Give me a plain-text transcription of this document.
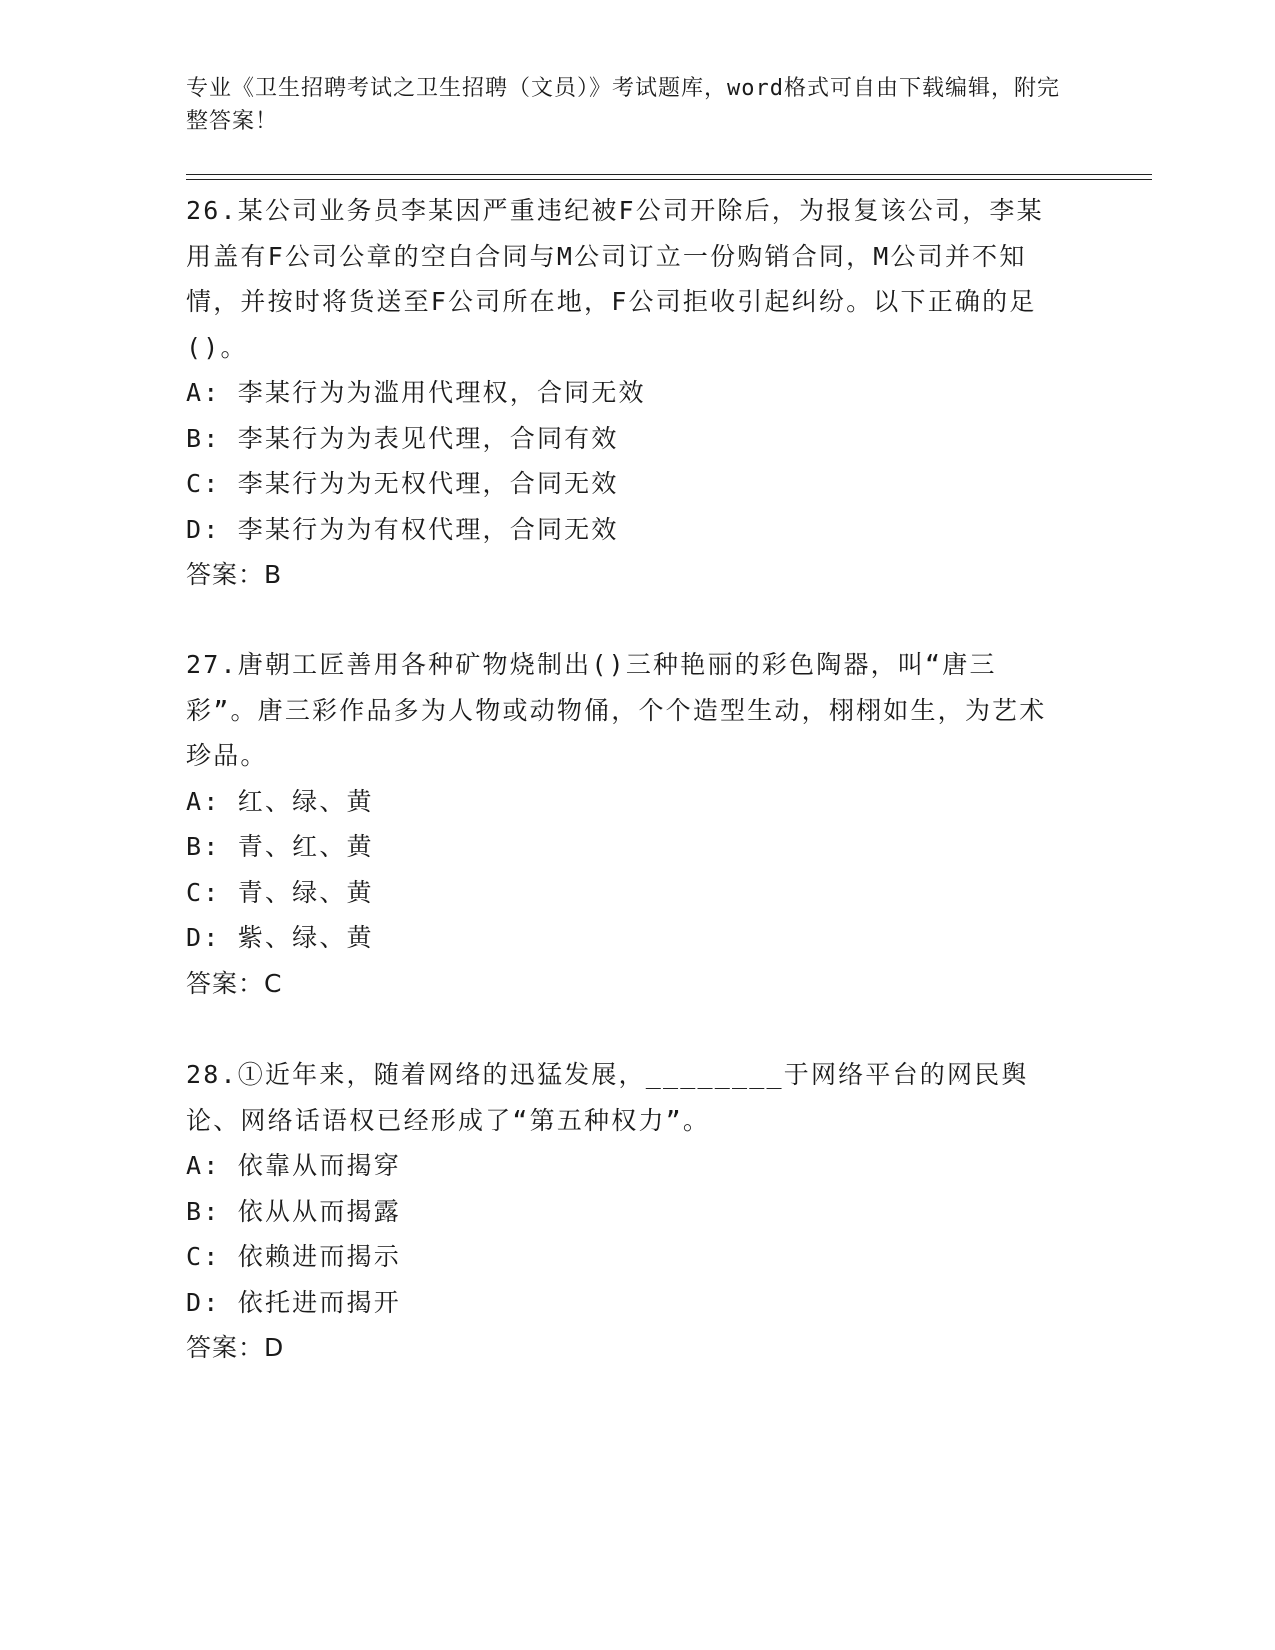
专业《卫生招聘考试之卫生招聘（文员）》考试题库，word格式可自由下载编辑，附完整答案！
26.某公司业务员李某因严重违纪被F公司开除后，为报复该公司，李某用盖有F公司公章的空白合同与M公司订立一份购销合同，M公司并不知情，并按时将货送至F公司所在地，F公司拒收引起纠纷。以下正确的足()。
A: 李某行为为滥用代理权，合同无效
B: 李某行为为表见代理，合同有效
C: 李某行为为无权代理，合同无效
D: 李某行为为有权代理，合同无效
答案：B
27.唐朝工匠善用各种矿物烧制出()三种艳丽的彩色陶器，叫“唐三彩”。唐三彩作品多为人物或动物俑，个个造型生动，栩栩如生，为艺术珍品。
A: 红、绿、黄
B: 青、红、黄
C: 青、绿、黄
D: 紫、绿、黄
答案：C
28.①近年来，随着网络的迅猛发展，________于网络平台的网民舆论、网络话语权已经形成了“第五种权力”。
A: 依靠从而揭穿
B: 依从从而揭露
C: 依赖进而揭示
D: 依托进而揭开
答案：D
